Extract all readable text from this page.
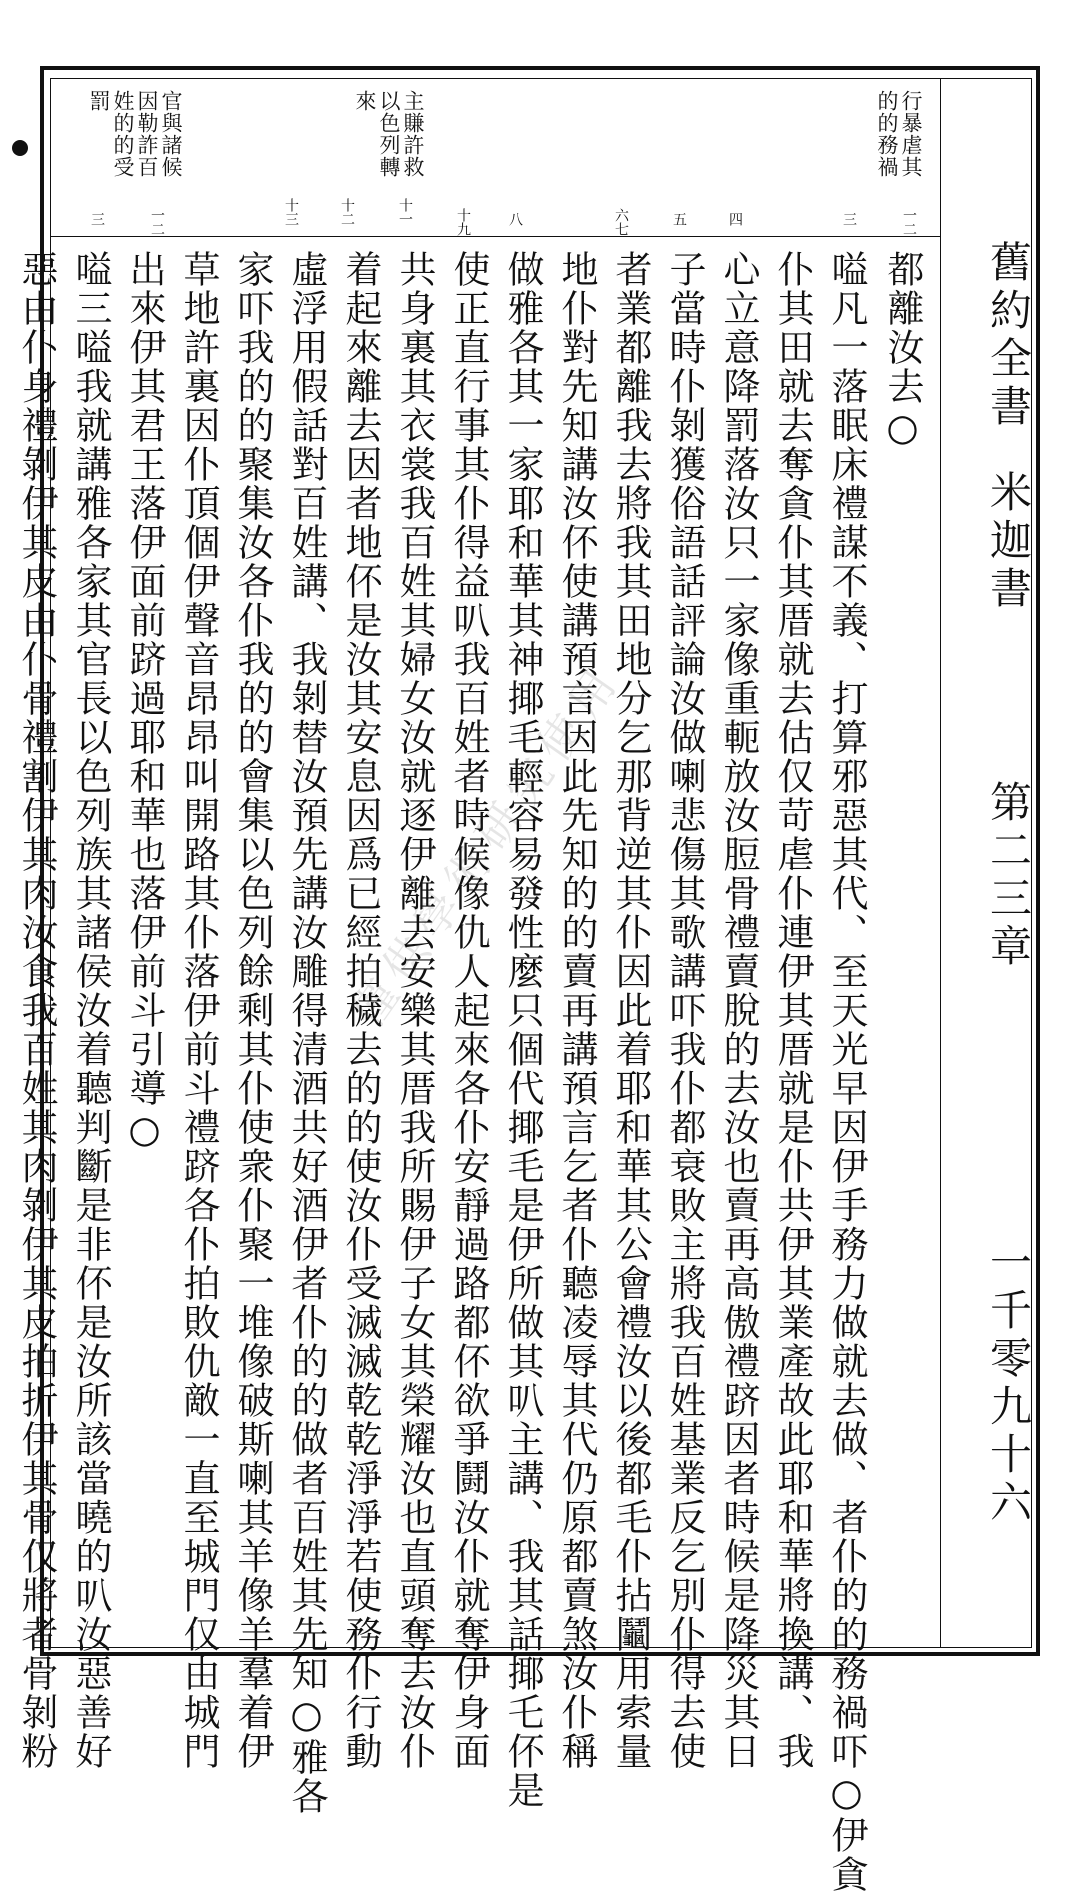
舊約全書
米迦書
第二三章
一千零九十六
行暴虐其
的的務禍
主賺許救
以色列轉
來
官與諸候
因勒詐百
姓的的受
罰
一二
三
四
五
六七
八
十九
十一
十二
十三
一二
三
都離汝去○
嗌凡一落眠床禮謀不義、打算邪惡其代、至天光早因伊手務力做就去做、者仆的的務禍吓○伊貪
仆其田就去奪貪仆其厝就去估仅苛虐仆連伊其厝就是仆共伊其業產故此耶和華將換講、我
心立意降罰落汝只一家像重軛放汝脰骨禮賣脫的去汝也賣再高傲禮跻因者時候是降災其日
子當時仆剝獲俗語話評論汝做喇悲傷其歌講吓我仆都衰敗主將我百姓基業反乞別仆得去使
者業都離我去將我其田地分乞那背逆其仆因此着耶和華其公會禮汝以後都毛仆拈鬮用索量
地仆對先知講汝伓使講預言因此先知的的賣再講預言乞者仆聽凌辱其代仍原都賣煞汝仆稱
做雅各其一家耶和華其神揶毛輕容易發性麼只個代揶毛是伊所做其叭主講、我其話揶乇伓是
使正直行事其仆得益叭我百姓者時候像仇人起來各仆安靜過路都伓欲爭鬪汝仆就奪伊身面
共身裏其衣裳我百姓其婦女汝就逐伊離去安樂其厝我所賜伊子女其榮耀汝也直頭奪去汝仆
着起來離去因者地伓是汝其安息因爲已經拍穢去的的使汝仆受滅滅乾乾淨淨若使務仆行動
虛浮用假話對百姓講、我剝替汝預先講汝雕得清酒共好酒伊者仆的的做者百姓其先知○雅各
家吓我的的聚集汝各仆我的的會集以色列餘剩其仆使衆仆聚一堆像破斯喇其羊像羊羣着伊
草地許裏因仆頂個伊聲音昂昂叫開路其仆落伊前斗禮跻各仆拍敗仇敵一直至城門仅由城門
出來伊其君王落伊面前跻過耶和華也落伊前斗引導○
嗌三嗌我就講雅各家其官長以色列族其諸侯汝着聽判斷是非伓是汝所該當曉的叭汝惡善好
惡由仆身禮剝伊其皮由仆骨禮割伊其肉汝食我百姓其肉剝伊其皮拍折伊其骨仅將者骨剝粉	僅供學術研究使用
